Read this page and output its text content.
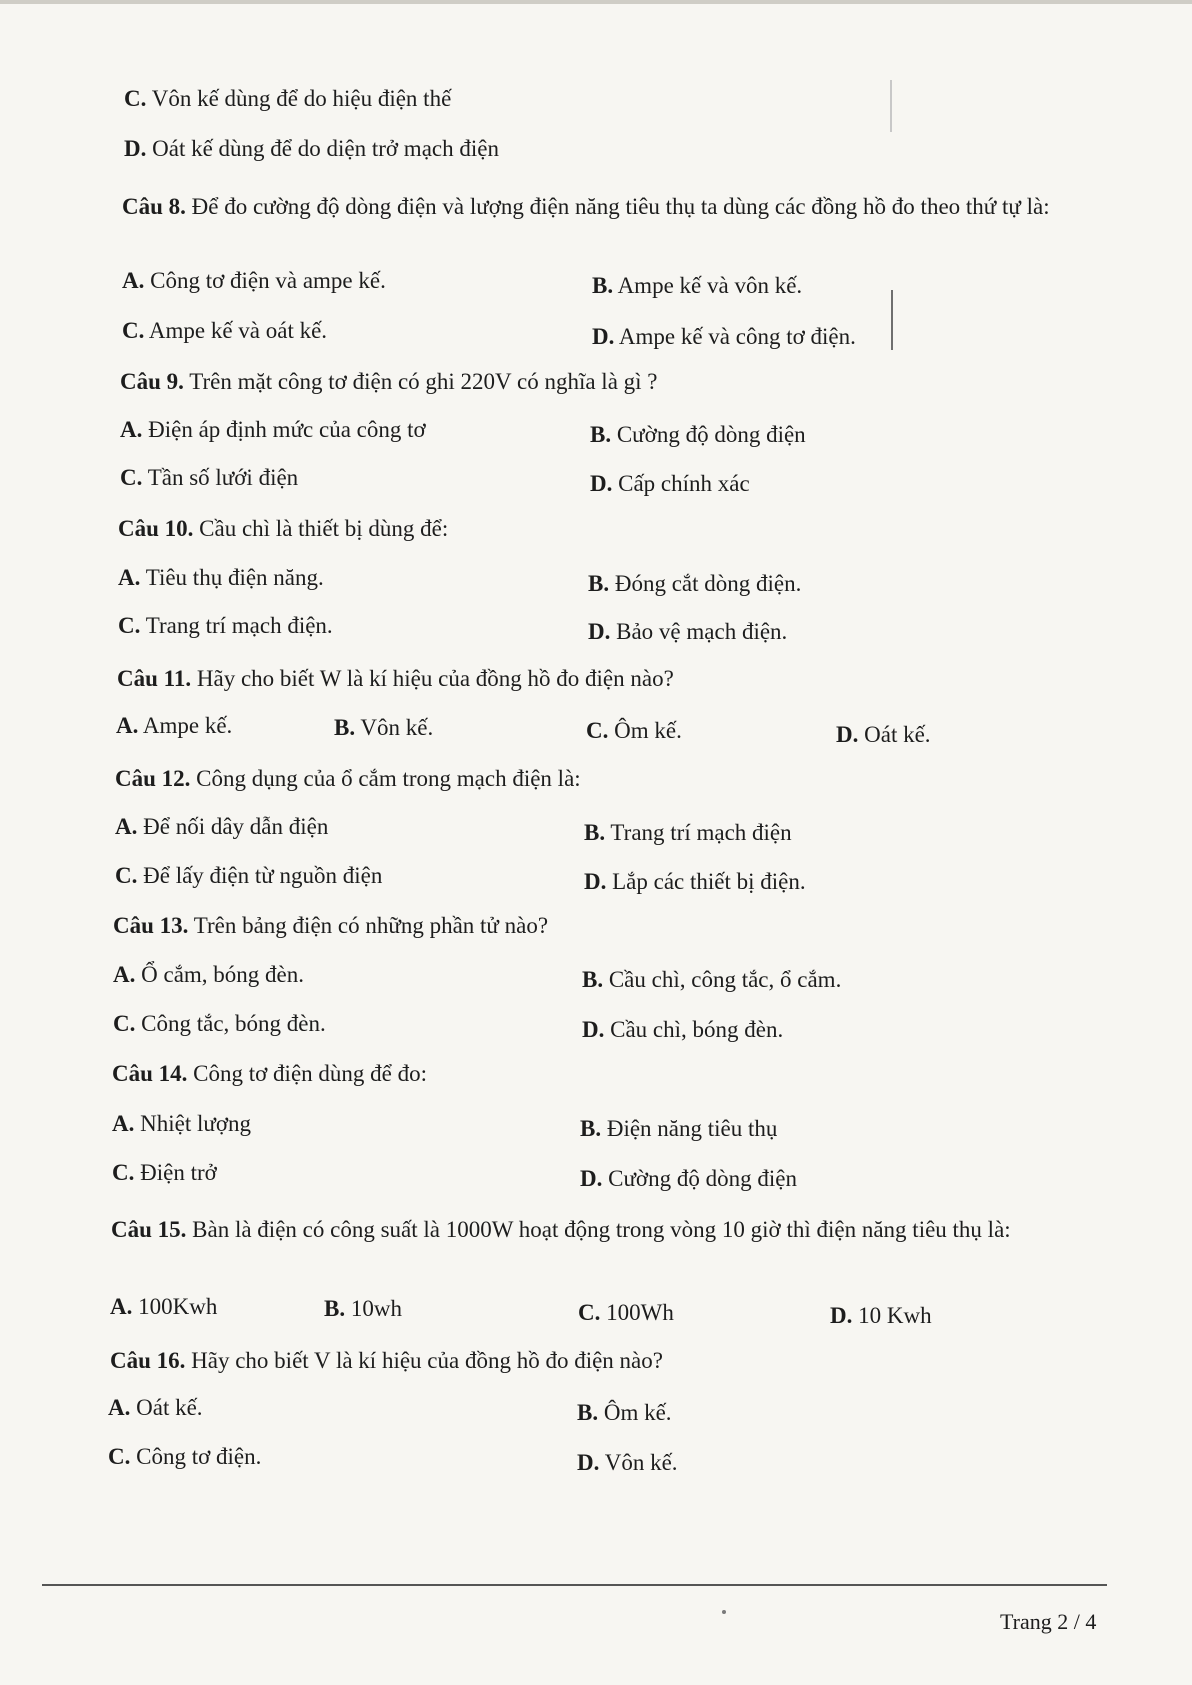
C. Vôn kế dùng để do hiệu điện thế

D. Oát kế dùng để do diện trở mạch điện

Câu 8. Để đo cường độ dòng điện và lượng điện năng tiêu thụ ta dùng các đồng hồ đo theo thứ tự là:

A. Công tơ điện và ampe kế.	B. Ampe kế và vôn kế.

C. Ampe kế và oát kế.	D. Ampe kế và công tơ điện.

Câu 9. Trên mặt công tơ điện có ghi 220V có nghĩa là gì ?

A. Điện áp định mức của công tơ	B. Cường độ dòng điện

C. Tần số lưới điện	D. Cấp chính xác

Câu 10. Cầu chì là thiết bị dùng để:

A. Tiêu thụ điện năng.	B. Đóng cắt dòng điện.

C. Trang trí mạch điện.	D. Bảo vệ mạch điện.

Câu 11. Hãy cho biết W là kí hiệu của đồng hồ đo điện nào?

A. Ampe kế.	B. Vôn kế.	C. Ôm kế.	D. Oát kế.

Câu 12. Công dụng của ổ cắm trong mạch điện là:

A. Để nối dây dẫn điện	B. Trang trí mạch điện

C. Để lấy điện từ nguồn điện	D. Lắp các thiết bị điện.

Câu 13. Trên bảng điện có những phần tử nào?

A. Ổ cắm, bóng đèn.	B. Cầu chì, công tắc, ổ cắm.

C. Công tắc, bóng đèn.	D. Cầu chì, bóng đèn.

Câu 14. Công tơ điện dùng để đo:

A. Nhiệt lượng	B. Điện năng tiêu thụ

C. Điện trở	D. Cường độ dòng điện

Câu 15. Bàn là điện có công suất là 1000W hoạt động trong vòng 10 giờ thì điện năng tiêu thụ là:

A. 100Kwh	B. 10wh	C. 100Wh	D. 10 Kwh

Câu 16. Hãy cho biết V là kí hiệu của đồng hồ đo điện nào?

A. Oát kế.	B. Ôm kế.

C. Công tơ điện.	D. Vôn kế.

Trang 2 / 4
